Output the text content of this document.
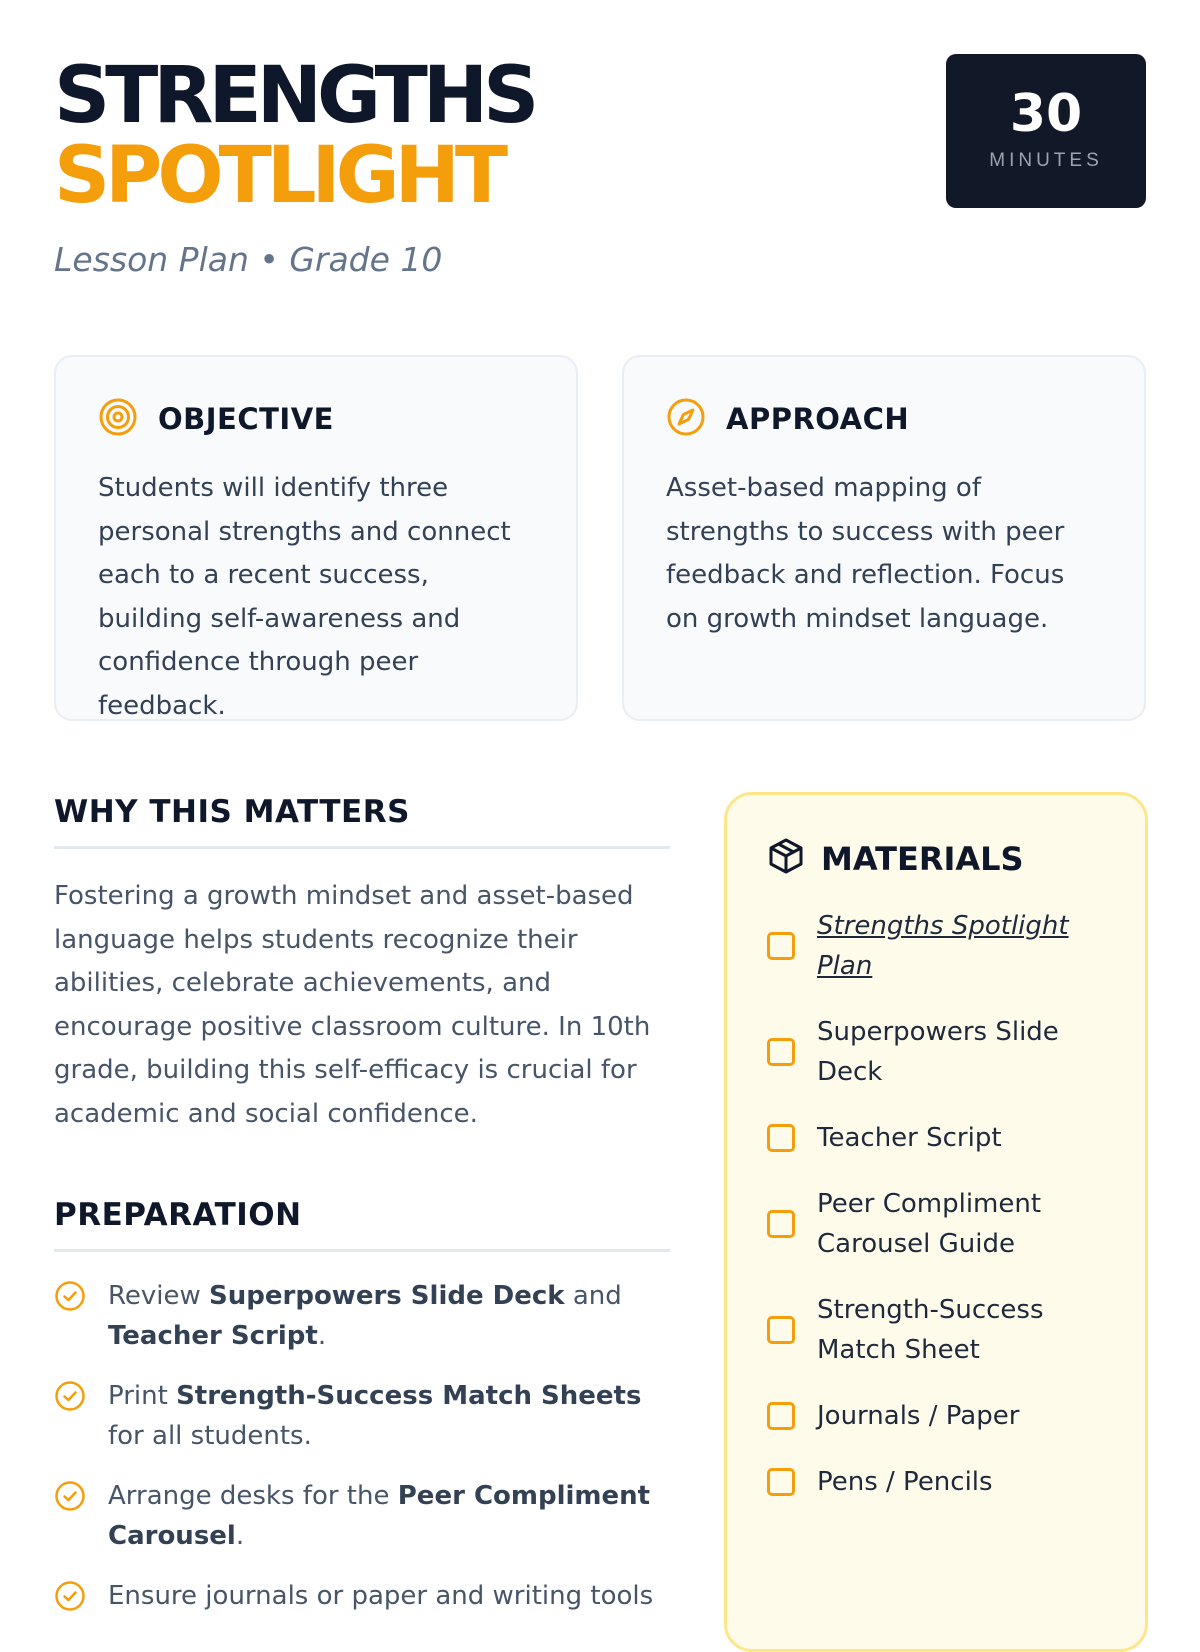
STRENGTHS
SPOTLIGHT
Lesson Plan • Grade 10
30
MINUTES
OBJECTIVE
Students will identify three personal strengths and connect each to a recent success, building self-awareness and confidence through peer feedback.
APPROACH
Asset-based mapping of strengths to success with peer feedback and reflection. Focus on growth mindset language.
WHY THIS MATTERS
Fostering a growth mindset and asset-based language helps students recognize their abilities, celebrate achievements, and encourage positive classroom culture. In 10th grade, building this self-efficacy is crucial for academic and social confidence.
PREPARATION
Review Superpowers Slide Deck and Teacher Script.
Print Strength-Success Match Sheets for all students.
Arrange desks for the Peer Compliment Carousel.
Ensure journals or paper and writing tools
MATERIALS
Strengths Spotlight Plan
Superpowers Slide Deck
Teacher Script
Peer Compliment Carousel Guide
Strength-Success Match Sheet
Journals / Paper
Pens / Pencils
